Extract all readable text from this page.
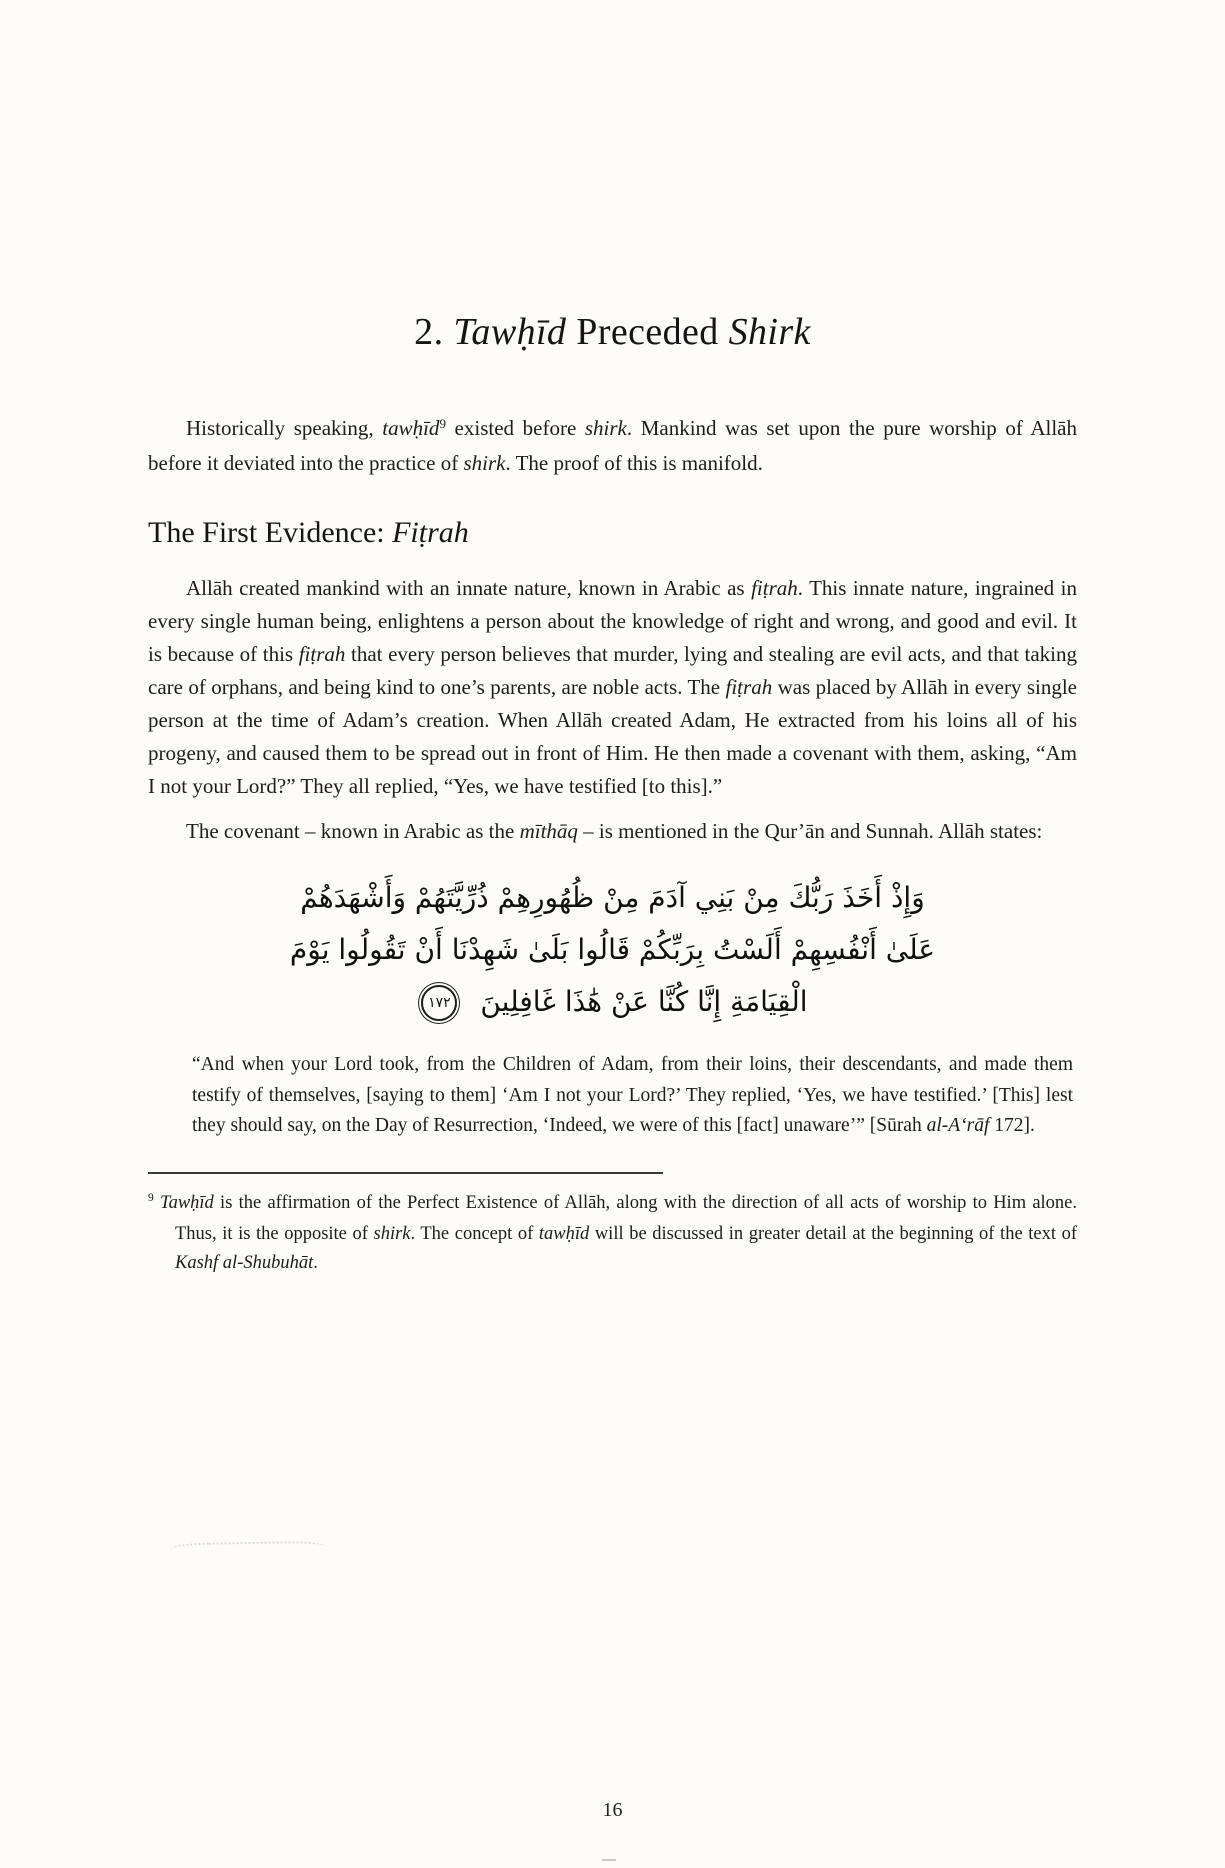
2. Tawḥīd Preceded Shirk

Historically speaking, tawḥīd$^9$ existed before shirk. Mankind was set upon the pure worship of Allāh before it deviated into the practice of shirk. The proof of this is manifold.

The First Evidence: Fiṭrah

Allāh created mankind with an innate nature, known in Arabic as fiṭrah. This innate nature, ingrained in every single human being, enlightens a person about the knowledge of right and wrong, and good and evil. It is because of this fiṭrah that every person believes that murder, lying and stealing are evil acts, and that taking care of orphans, and being kind to one’s parents, are noble acts. The fiṭrah was placed by Allāh in every single person at the time of Adam’s creation. When Allāh created Adam, He extracted from his loins all of his progeny, and caused them to be spread out in front of Him. He then made a covenant with them, asking, “Am I not your Lord?” They all replied, “Yes, we have testified [to this].”

The covenant – known in Arabic as the mīthāq – is mentioned in the Qur’ān and Sunnah. Allāh states:

وَإِذْ أَخَذَ رَبُّكَ مِنْ بَنِي آدَمَ مِنْ ظُهُورِهِمْ ذُرِّيَّتَهُمْ وَأَشْهَدَهُمْ
عَلَىٰ أَنْفُسِهِمْ أَلَسْتُ بِرَبِّكُمْ قَالُوا بَلَىٰ شَهِدْنَا أَنْ تَقُولُوا يَوْمَ
الْقِيَامَةِ إِنَّا كُنَّا عَنْ هَٰذَا غَافِلِينَ ١٧٢

“And when your Lord took, from the Children of Adam, from their loins, their descendants, and made them testify of themselves, [saying to them] ‘Am I not your Lord?’ They replied, ‘Yes, we have testified.’ [This] lest they should say, on the Day of Resurrection, ‘Indeed, we were of this [fact] unaware’” [Sūrah al-A‘rāf 172].

$^9$ Tawḥīd is the affirmation of the Perfect Existence of Allāh, along with the direction of all acts of worship to Him alone. Thus, it is the opposite of shirk. The concept of tawḥīd will be discussed in greater detail at the beginning of the text of Kashf al-Shubuhāt.

16
